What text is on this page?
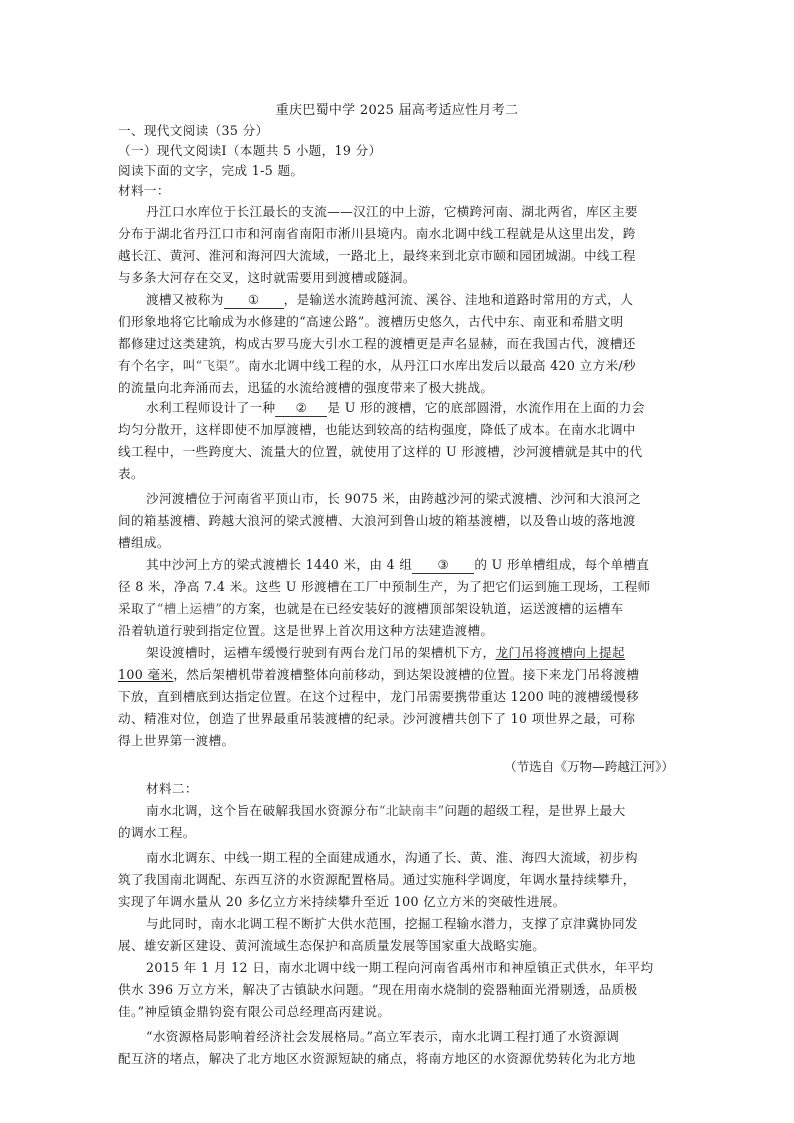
重庆巴蜀中学 2025 届高考适应性月考二
一、现代文阅读（35 分）
（一）现代文阅读Ⅰ（本题共 5 小题，19 分）
阅读下面的文字，完成 1-5 题。
材料一：
丹江口水库位于长江最长的支流——汉江的中上游，它横跨河南、湖北两省，库区主要
分布于湖北省丹江口市和河南省南阳市淅川县境内。南水北调中线工程就是从这里出发，跨
越长江、黄河、淮河和海河四大流域，一路北上，最终来到北京市颐和园团城湖。中线工程
与多条大河存在交叉，这时就需要用到渡槽或隧洞。
渡槽又被称为 ① ，是输送水流跨越河流、溪谷、洼地和道路时常用的方式，人
们形象地将它比喻成为水修建的“高速公路”。渡槽历史悠久，古代中东、南亚和希腊文明
都修建过这类建筑，构成古罗马庞大引水工程的渡槽更是声名显赫，而在我国古代，渡槽还
有个名字，叫“飞渠”。南水北调中线工程的水，从丹江口水库出发后以最高 420 立方米/秒
的流量向北奔涌而去，迅猛的水流给渡槽的强度带来了极大挑战。
水利工程师设计了一种 ② 是 U 形的渡槽，它的底部圆滑，水流作用在上面的力会
均匀分散开，这样即使不加厚渡槽，也能达到较高的结构强度，降低了成本。在南水北调中
线工程中，一些跨度大、流量大的位置，就使用了这样的 U 形渡槽，沙河渡槽就是其中的代
表。
沙河渡槽位于河南省平顶山市，长 9075 米，由跨越沙河的梁式渡槽、沙河和大浪河之
间的箱基渡槽、跨越大浪河的梁式渡槽、大浪河到鲁山坡的箱基渡槽，以及鲁山坡的落地渡
槽组成。
其中沙河上方的梁式渡槽长 1440 米，由 4 组 ③ 的 U 形单槽组成，每个单槽直
径 8 米，净高 7.4 米。这些 U 形渡槽在工厂中预制生产，为了把它们运到施工现场，工程师
采取了“槽上运槽”的方案，也就是在已经安装好的渡槽顶部架设轨道，运送渡槽的运槽车
沿着轨道行驶到指定位置。这是世界上首次用这种方法建造渡槽。
架设渡槽时，运槽车缓慢行驶到有两台龙门吊的架槽机下方，龙门吊将渡槽向上提起
100 毫米，然后架槽机带着渡槽整体向前移动，到达架设渡槽的位置。接下来龙门吊将渡槽
下放，直到槽底到达指定位置。在这个过程中，龙门吊需要携带重达 1200 吨的渡槽缓慢移
动、精准对位，创造了世界最重吊装渡槽的纪录。沙河渡槽共创下了 10 项世界之最，可称
得上世界第一渡槽。
（节选自《万物—跨越江河》）
材料二：
南水北调，这个旨在破解我国水资源分布“北缺南丰”问题的超级工程，是世界上最大
的调水工程。
南水北调东、中线一期工程的全面建成通水，沟通了长、黄、淮、海四大流域，初步构
筑了我国南北调配、东西互济的水资源配置格局。通过实施科学调度，年调水量持续攀升，
实现了年调水量从 20 多亿立方米持续攀升至近 100 亿立方米的突破性进展。
与此同时，南水北调工程不断扩大供水范围，挖掘工程输水潜力，支撑了京津冀协同发
展、雄安新区建设、黄河流域生态保护和高质量发展等国家重大战略实施。
2015 年 1 月 12 日，南水北调中线一期工程向河南省禹州市和神垕镇正式供水，年平均
供水 396 万立方米，解决了古镇缺水问题。“现在用南水烧制的瓷器釉面光滑剔透，品质极
佳。”神垕镇金鼎钧瓷有限公司总经理高丙建说。
“水资源格局影响着经济社会发展格局。”高立军表示，南水北调工程打通了水资源调
配互济的堵点，解决了北方地区水资源短缺的痛点，将南方地区的水资源优势转化为北方地
